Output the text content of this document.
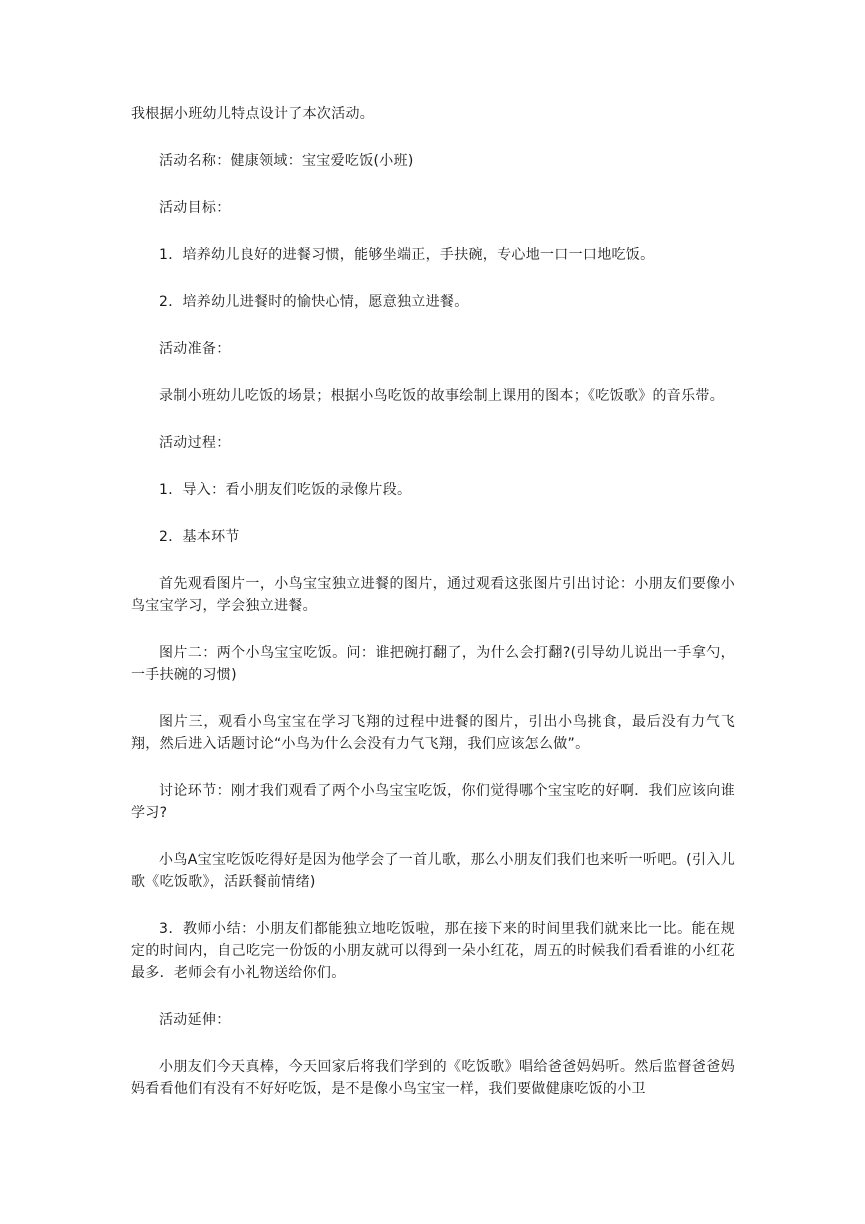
我根据小班幼儿特点设计了本次活动。

活动名称：健康领域：宝宝爱吃饭(小班)

活动目标：

1．培养幼儿良好的进餐习惯，能够坐端正，手扶碗，专心地一口一口地吃饭。

2．培养幼儿进餐时的愉快心情，愿意独立进餐。

活动准备：

录制小班幼儿吃饭的场景；根据小鸟吃饭的故事绘制上课用的图本；《吃饭歌》的音乐带。

活动过程：

1．导入：看小朋友们吃饭的录像片段。

2．基本环节

首先观看图片一，小鸟宝宝独立进餐的图片，通过观看这张图片引出讨论：小朋友们要像小鸟宝宝学习，学会独立进餐。

图片二：两个小鸟宝宝吃饭。问：谁把碗打翻了，为什么会打翻?(引导幼儿说出一手拿勺，一手扶碗的习惯)

图片三，观看小鸟宝宝在学习飞翔的过程中进餐的图片，引出小鸟挑食，最后没有力气飞翔，然后进入话题讨论“小鸟为什么会没有力气飞翔，我们应该怎么做”。

讨论环节：刚才我们观看了两个小鸟宝宝吃饭，你们觉得哪个宝宝吃的好啊．我们应该向谁学习?

小鸟A宝宝吃饭吃得好是因为他学会了一首儿歌，那么小朋友们我们也来听一听吧。(引入儿歌《吃饭歌》，活跃餐前情绪)

3．教师小结：小朋友们都能独立地吃饭啦，那在接下来的时间里我们就来比一比。能在规定的时间内，自己吃完一份饭的小朋友就可以得到一朵小红花，周五的时候我们看看谁的小红花最多．老师会有小礼物送给你们。

活动延伸：

小朋友们今天真棒，今天回家后将我们学到的《吃饭歌》唱给爸爸妈妈听。然后监督爸爸妈妈看看他们有没有不好好吃饭，是不是像小鸟宝宝一样，我们要做健康吃饭的小卫
